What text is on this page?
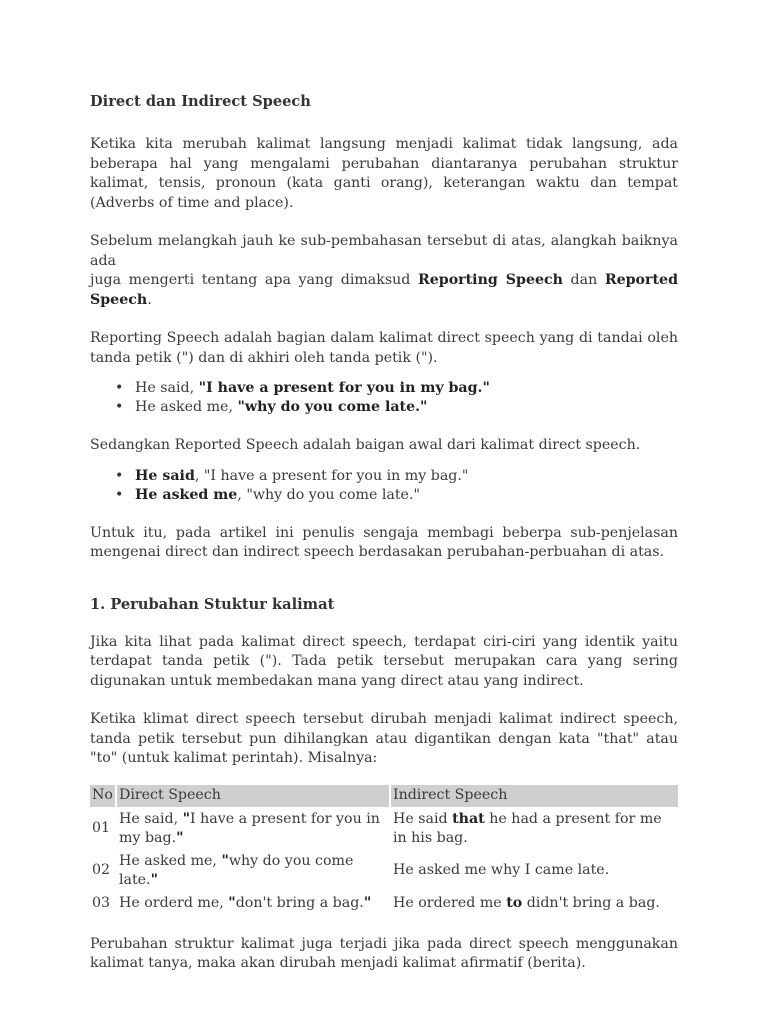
Direct dan Indirect Speech

Ketika kita merubah kalimat langsung menjadi kalimat tidak langsung, ada beberapa hal yang mengalami perubahan diantaranya perubahan struktur kalimat, tensis, pronoun (kata ganti orang), keterangan waktu dan tempat (Adverbs of time and place).

Sebelum melangkah jauh ke sub-pembahasan tersebut di atas, alangkah baiknya ada
juga mengerti tentang apa yang dimaksud Reporting Speech dan Reported Speech.

Reporting Speech adalah bagian dalam kalimat direct speech yang di tandai oleh tanda petik (") dan di akhiri oleh tanda petik (").

• He said, "I have a present for you in my bag."
• He asked me, "why do you come late."

Sedangkan Reported Speech adalah baigan awal dari kalimat direct speech.

• He said, "I have a present for you in my bag."
• He asked me, "why do you come late."

Untuk itu, pada artikel ini penulis sengaja membagi beberpa sub-penjelasan mengenai direct dan indirect speech berdasakan perubahan-perbuahan di atas.

1. Perubahan Stuktur kalimat

Jika kita lihat pada kalimat direct speech, terdapat ciri-ciri yang identik yaitu terdapat tanda petik ("). Tada petik tersebut merupakan cara yang sering digunakan untuk membedakan mana yang direct atau yang indirect.

Ketika klimat direct speech tersebut dirubah menjadi kalimat indirect speech, tanda petik tersebut pun dihilangkan atau digantikan dengan kata "that" atau "to" (untuk kalimat perintah). Misalnya:

No	Direct Speech	Indirect Speech
01	He said, "I have a present for you in my bag."	He said that he had a present for me in his bag.
02	He asked me, "why do you come late."	He asked me why I came late.
03	He orderd me, "don't bring a bag."	He ordered me to didn't bring a bag.

Perubahan struktur kalimat juga terjadi jika pada direct speech menggunakan kalimat tanya, maka akan dirubah menjadi kalimat afirmatif (berita).
